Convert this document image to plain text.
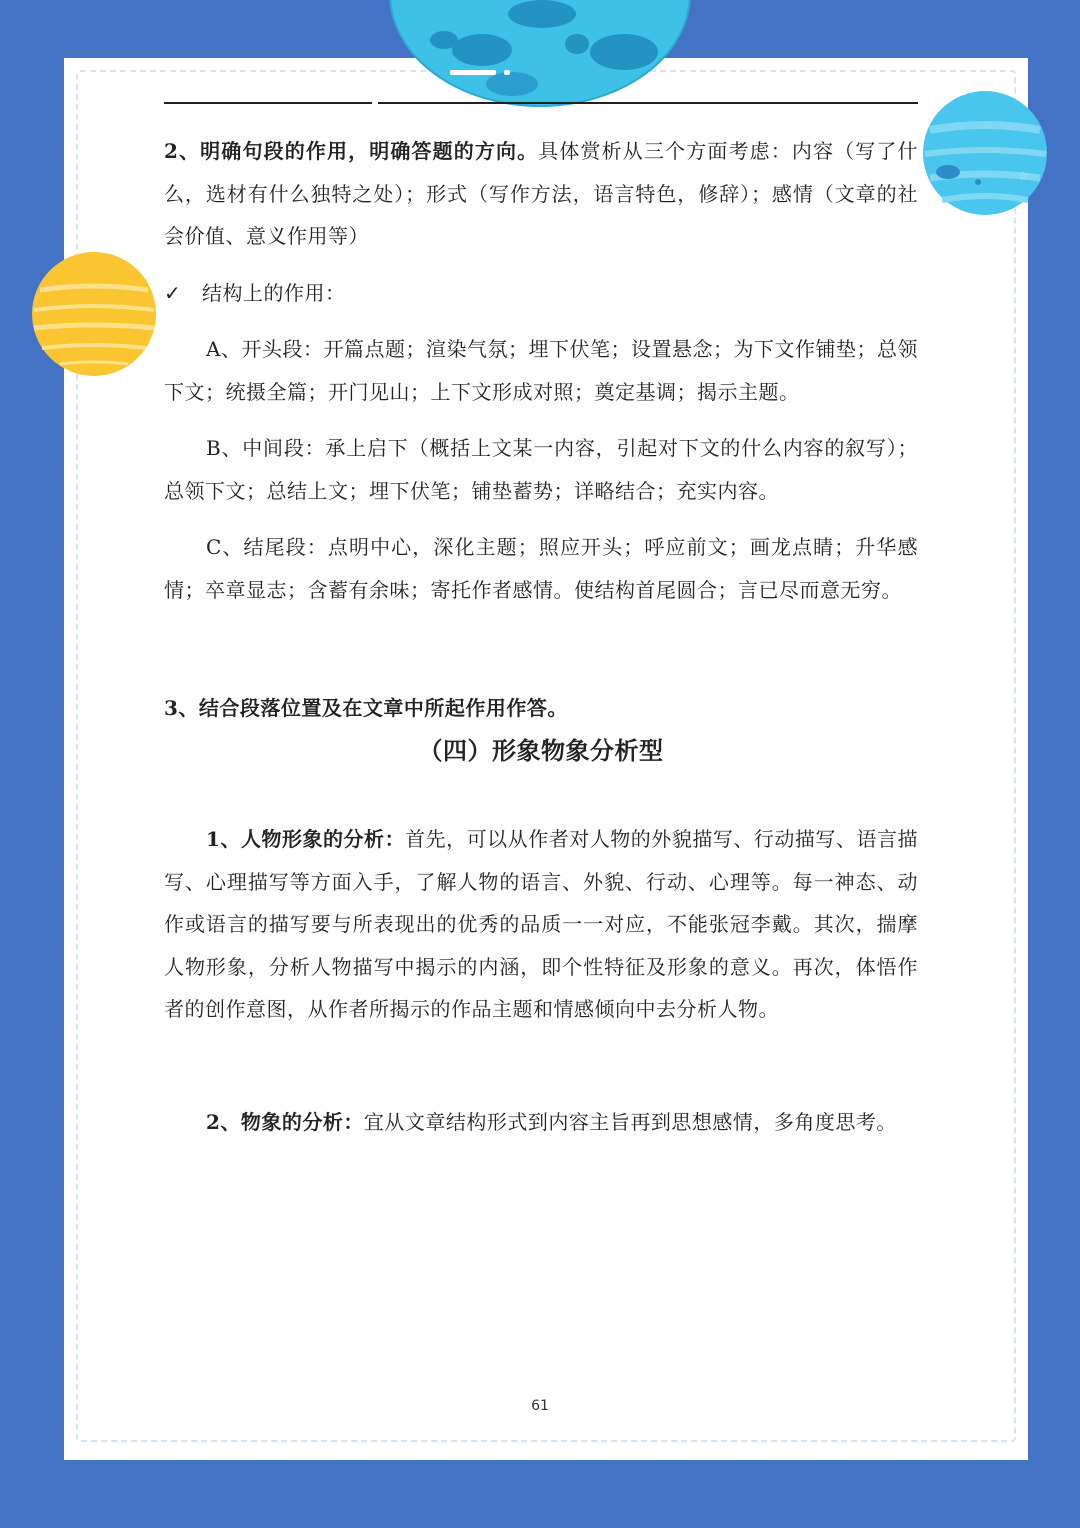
☆

2、明确句段的作用，明确答题的方向。具体赏析从三个方面考虑：内容（写了什么，选材有什么独特之处）；形式（写作方法，语言特色，修辞）；感情（文章的社会价值、意义作用等）

✓ 结构上的作用：

A、开头段：开篇点题；渲染气氛；埋下伏笔；设置悬念；为下文作铺垫；总领下文；统摄全篇；开门见山；上下文形成对照；奠定基调；揭示主题。

B、中间段：承上启下（概括上文某一内容，引起对下文的什么内容的叙写）；总领下文；总结上文；埋下伏笔；铺垫蓄势；详略结合；充实内容。

C、结尾段：点明中心，深化主题；照应开头；呼应前文；画龙点睛；升华感情；卒章显志；含蓄有余味；寄托作者感情。使结构首尾圆合；言已尽而意无穷。

3、结合段落位置及在文章中所起作用作答。

（四）形象物象分析型

1、人物形象的分析：首先，可以从作者对人物的外貌描写、行动描写、语言描写、心理描写等方面入手，了解人物的语言、外貌、行动、心理等。每一神态、动作或语言的描写要与所表现出的优秀的品质一一对应，不能张冠李戴。其次，揣摩人物形象，分析人物描写中揭示的内涵，即个性特征及形象的意义。再次，体悟作者的创作意图，从作者所揭示的作品主题和情感倾向中去分析人物。

2、物象的分析：宜从文章结构形式到内容主旨再到思想感情，多角度思考。

61
